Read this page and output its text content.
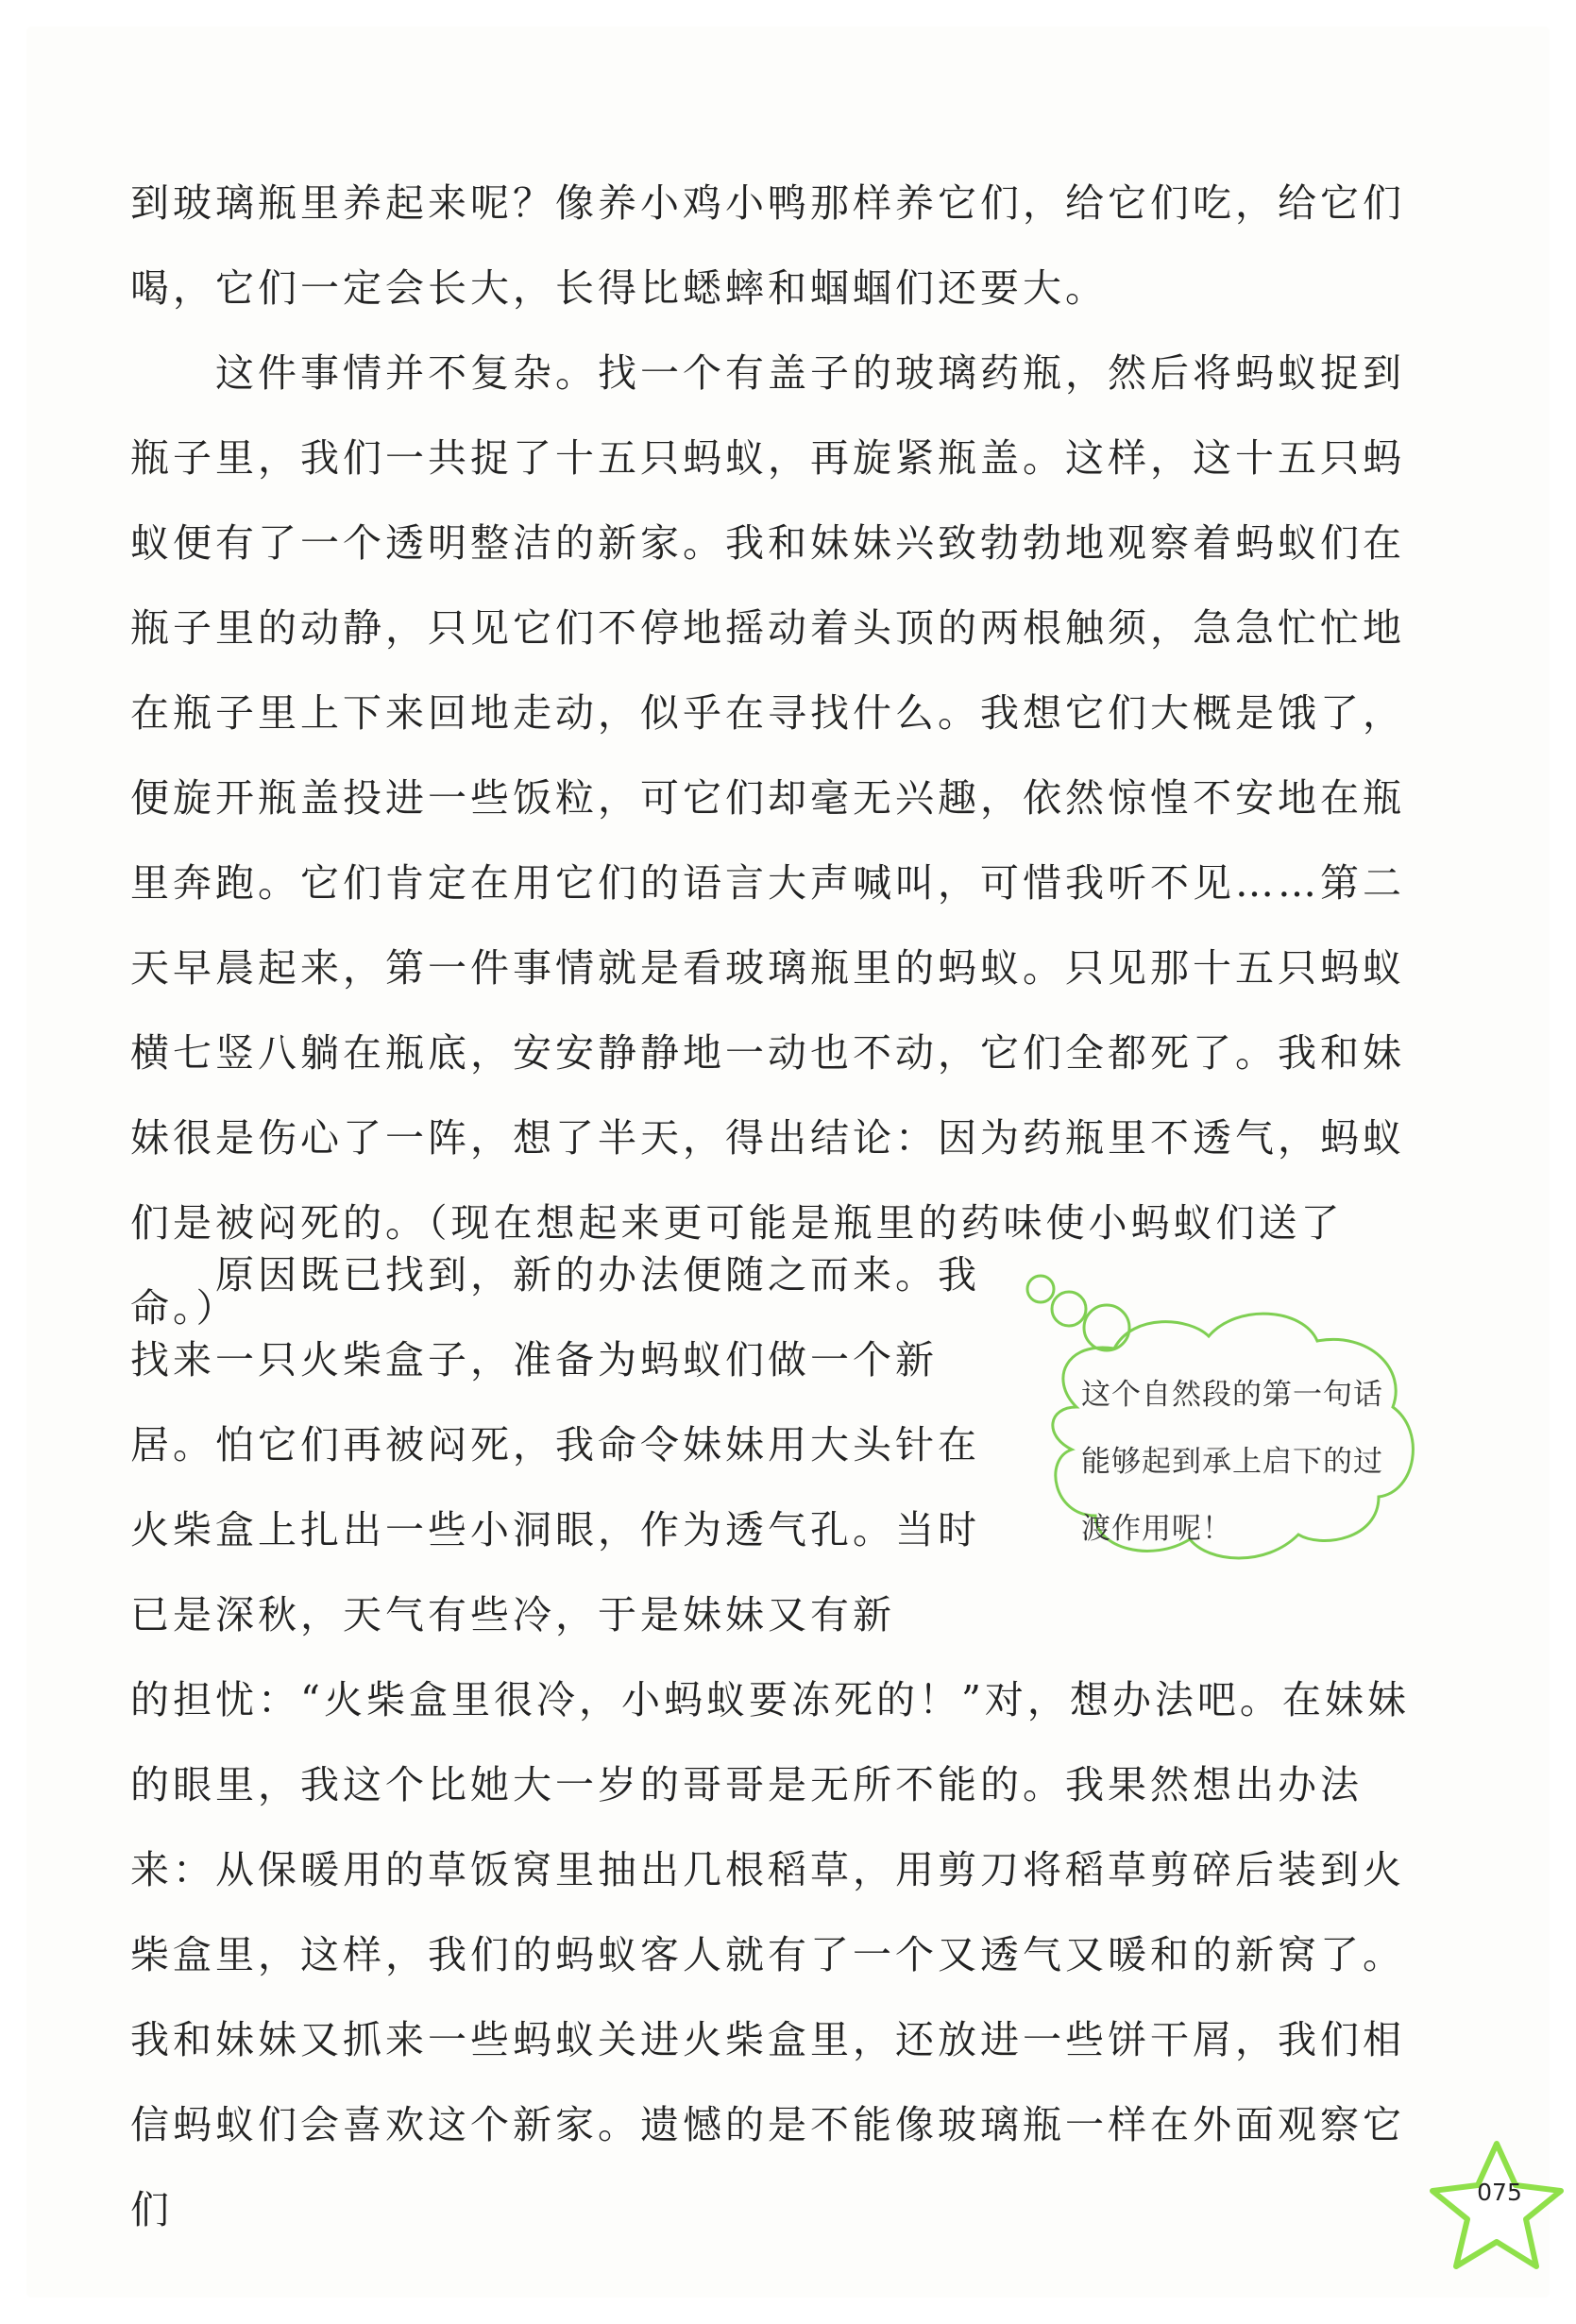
到玻璃瓶里养起来呢？像养小鸡小鸭那样养它们，给它们吃，给它们喝，它们一定会长大，长得比蟋蟀和蝈蝈们还要大。

这件事情并不复杂。找一个有盖子的玻璃药瓶，然后将蚂蚁捉到瓶子里，我们一共捉了十五只蚂蚁，再旋紧瓶盖。这样，这十五只蚂蚁便有了一个透明整洁的新家。我和妹妹兴致勃勃地观察着蚂蚁们在瓶子里的动静，只见它们不停地摇动着头顶的两根触须，急急忙忙地在瓶子里上下来回地走动，似乎在寻找什么。我想它们大概是饿了，便旋开瓶盖投进一些饭粒，可它们却毫无兴趣，依然惊惶不安地在瓶里奔跑。它们肯定在用它们的语言大声喊叫，可惜我听不见……第二天早晨起来，第一件事情就是看玻璃瓶里的蚂蚁。只见那十五只蚂蚁横七竖八躺在瓶底，安安静静地一动也不动，它们全都死了。我和妹妹很是伤心了一阵，想了半天，得出结论：因为药瓶里不透气，蚂蚁们是被闷死的。（现在想起来更可能是瓶里的药味使小蚂蚁们送了命。）

原因既已找到，新的办法便随之而来。我找来一只火柴盒子，准备为蚂蚁们做一个新居。怕它们再被闷死，我命令妹妹用大头针在火柴盒上扎出一些小洞眼，作为透气孔。当时已是深秋，天气有些冷，于是妹妹又有新

这个自然段的第一句话能够起到承上启下的过渡作用呢！

的担忧：“火柴盒里很冷，小蚂蚁要冻死的！”对，想办法吧。在妹妹的眼里，我这个比她大一岁的哥哥是无所不能的。我果然想出办法来：从保暖用的草饭窝里抽出几根稻草，用剪刀将稻草剪碎后装到火柴盒里，这样，我们的蚂蚁客人就有了一个又透气又暖和的新窝了。我和妹妹又抓来一些蚂蚁关进火柴盒里，还放进一些饼干屑，我们相信蚂蚁们会喜欢这个新家。遗憾的是不能像玻璃瓶一样在外面观察它们	075
